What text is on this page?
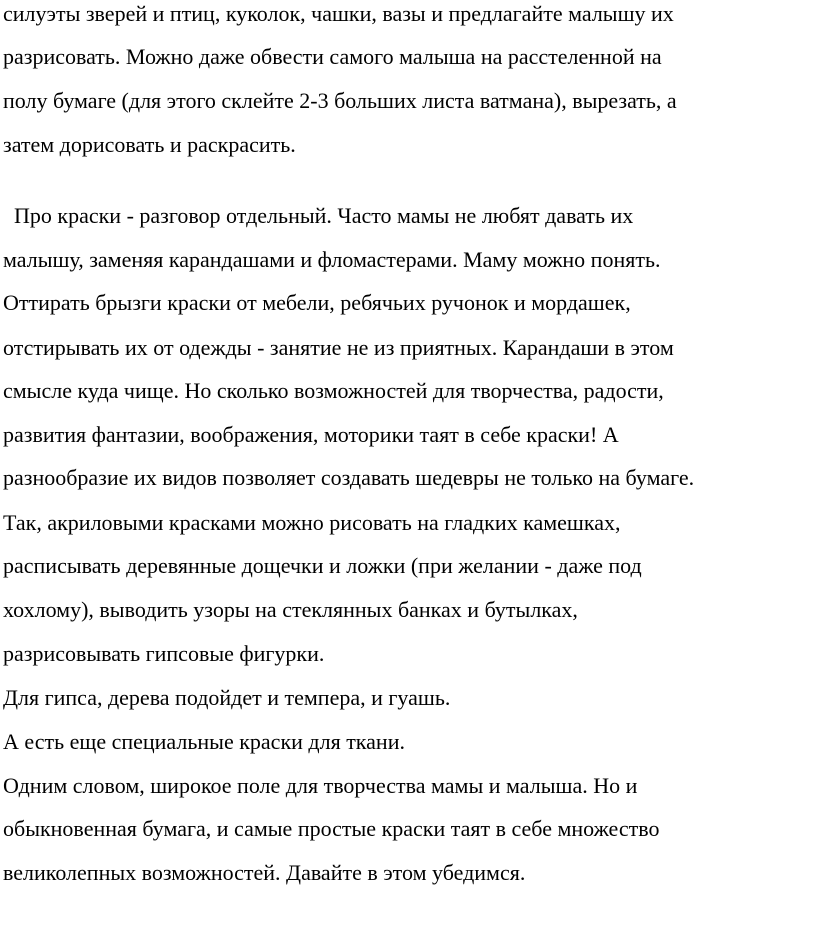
силуэты зверей и птиц, куколок, чашки, вазы и предлагайте малышу их
разрисовать. Можно даже обвести самого малыша на расстеленной на
полу бумаге (для этого склейте 2-3 больших листа ватмана), вырезать, а
затем дорисовать и раскрасить.
Про краски - разговор отдельный. Часто мамы не любят давать их
малышу, заменяя карандашами и фломастерами. Маму можно понять.
Оттирать брызги краски от мебели, ребячьих ручонок и мордашек,
отстирывать их от одежды - занятие не из приятных. Карандаши в этом
смысле куда чище. Но сколько возможностей для творчества, радости,
развития фантазии, воображения, моторики таят в себе краски! А
разнообразие их видов позволяет создавать шедевры не только на бумаге.
Так, акриловыми красками можно рисовать на гладких камешках,
расписывать деревянные дощечки и ложки (при желании - даже под
хохлому), выводить узоры на стеклянных банках и бутылках,
разрисовывать гипсовые фигурки.
Для гипса, дерева подойдет и темпера, и гуашь.
А есть еще специальные краски для ткани.
Одним словом, широкое поле для творчества мамы и малыша. Но и
обыкновенная бумага, и самые простые краски таят в себе множество
великолепных возможностей. Давайте в этом убедимся.
